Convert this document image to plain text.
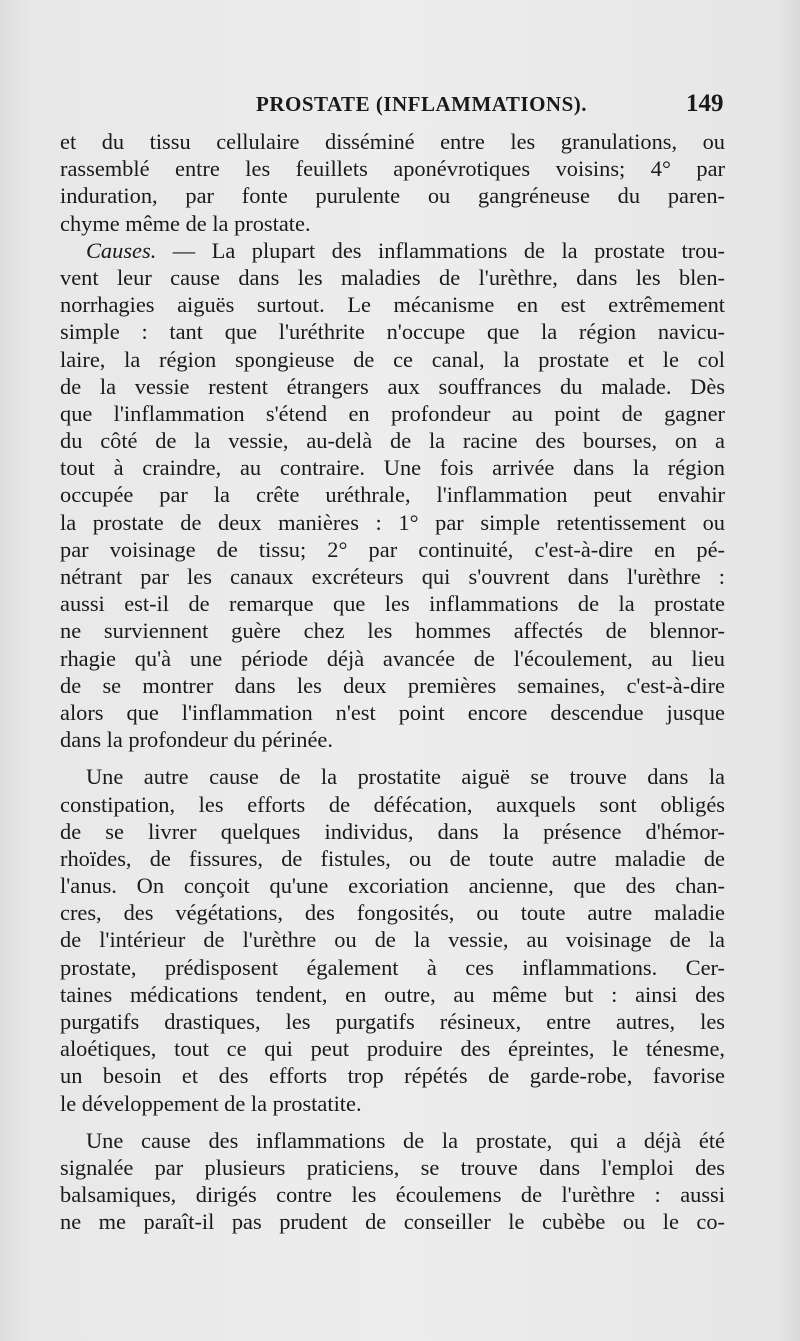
PROSTATE (INFLAMMATIONS).	149
et du tissu cellulaire disséminé entre les granulations, ou
rassemblé entre les feuillets aponévrotiques voisins; 4° par
induration, par fonte purulente ou gangréneuse du paren-
chyme même de la prostate.
Causes. — La plupart des inflammations de la prostate trou-
vent leur cause dans les maladies de l'urèthre, dans les blen-
norrhagies aiguës surtout. Le mécanisme en est extrêmement
simple : tant que l'uréthrite n'occupe que la région navicu-
laire, la région spongieuse de ce canal, la prostate et le col
de la vessie restent étrangers aux souffrances du malade. Dès
que l'inflammation s'étend en profondeur au point de gagner
du côté de la vessie, au-delà de la racine des bourses, on a
tout à craindre, au contraire. Une fois arrivée dans la région
occupée par la crête uréthrale, l'inflammation peut envahir
la prostate de deux manières : 1° par simple retentissement ou
par voisinage de tissu; 2° par continuité, c'est-à-dire en pé-
nétrant par les canaux excréteurs qui s'ouvrent dans l'urèthre :
aussi est-il de remarque que les inflammations de la prostate
ne surviennent guère chez les hommes affectés de blennor-
rhagie qu'à une période déjà avancée de l'écoulement, au lieu
de se montrer dans les deux premières semaines, c'est-à-dire
alors que l'inflammation n'est point encore descendue jusque
dans la profondeur du périnée.
Une autre cause de la prostatite aiguë se trouve dans la
constipation, les efforts de défécation, auxquels sont obligés
de se livrer quelques individus, dans la présence d'hémor-
rhoïdes, de fissures, de fistules, ou de toute autre maladie de
l'anus. On conçoit qu'une excoriation ancienne, que des chan-
cres, des végétations, des fongosités, ou toute autre maladie
de l'intérieur de l'urèthre ou de la vessie, au voisinage de la
prostate, prédisposent également à ces inflammations. Cer-
taines médications tendent, en outre, au même but : ainsi des
purgatifs drastiques, les purgatifs résineux, entre autres, les
aloétiques, tout ce qui peut produire des épreintes, le ténesme,
un besoin et des efforts trop répétés de garde-robe, favorise
le développement de la prostatite.
Une cause des inflammations de la prostate, qui a déjà été
signalée par plusieurs praticiens, se trouve dans l'emploi des
balsamiques, dirigés contre les écoulemens de l'urèthre : aussi
ne me paraît-il pas prudent de conseiller le cubèbe ou le co-
